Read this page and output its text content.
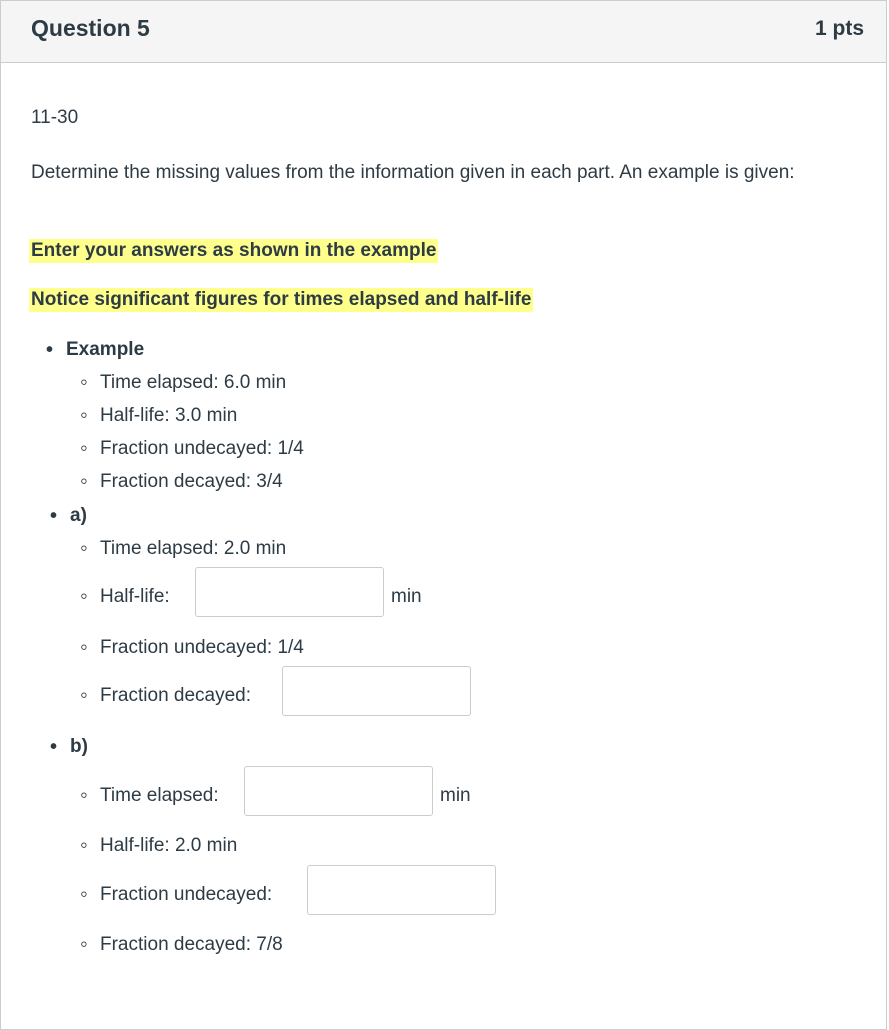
Question 5	1 pts
11-30
Determine the missing values from the information given in each part. An example is given:
Enter your answers as shown in the example
Notice significant figures for times elapsed and half-life
• Example
◦ Time elapsed: 6.0 min
◦ Half-life: 3.0 min
◦ Fraction undecayed: 1/4
◦ Fraction decayed: 3/4
• a)
◦ Time elapsed: 2.0 min
◦ Half-life:	min
◦ Fraction undecayed: 1/4
◦ Fraction decayed:
• b)
◦ Time elapsed:	min
◦ Half-life: 2.0 min
◦ Fraction undecayed:
◦ Fraction decayed: 7/8
